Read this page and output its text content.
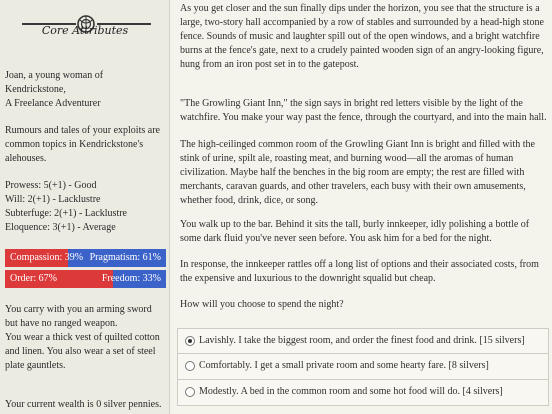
Core Attributes
Joan, a young woman of Kendrickstone,
A Freelance Adventurer
Rumours and tales of your exploits are common topics in Kendrickstone's alehouses.
Prowess: 5(+1) - Good
Will: 2(+1) - Lacklustre
Subterfuge: 2(+1) - Lacklustre
Eloquence: 3(+1) - Average
Compassion: 39% Pragmatism: 61%
Order: 67%	Freedom: 33%
You carry with you an arming sword but have no ranged weapon.
You wear a thick vest of quilted cotton and linen. You also wear a set of steel plate gauntlets.
Your current wealth is 0 silver pennies.
As you get closer and the sun finally dips under the horizon, you see that the structure is a large, two-story hall accompanied by a row of stables and surrounded by a head-high stone fence. Sounds of music and laughter spill out of the open windows, and a bright watchfire burns at the fence's gate, next to a crudely painted wooden sign of an angry-looking figure, hung from an iron post set in to the gatepost.
"The Growling Giant Inn," the sign says in bright red letters visible by the light of the watchfire. You make your way past the fence, through the courtyard, and into the main hall.
The high-ceilinged common room of the Growling Giant Inn is bright and filled with the stink of urine, spilt ale, roasting meat, and burning wood—all the aromas of human civilization. Maybe half the benches in the big room are empty; the rest are filled with merchants, caravan guards, and other travelers, each busy with their own amusements, whether food, drink, dice, or song.
You walk up to the bar. Behind it sits the tall, burly innkeeper, idly polishing a bottle of some dark fluid you've never seen before. You ask him for a bed for the night.
In response, the innkeeper rattles off a long list of options and their associated costs, from the expensive and luxurious to the downright squalid but cheap.
How will you choose to spend the night?
Lavishly. I take the biggest room, and order the finest food and drink. [15 silvers]
Comfortably. I get a small private room and some hearty fare. [8 silvers]
Modestly. A bed in the common room and some hot food will do. [4 silvers]
